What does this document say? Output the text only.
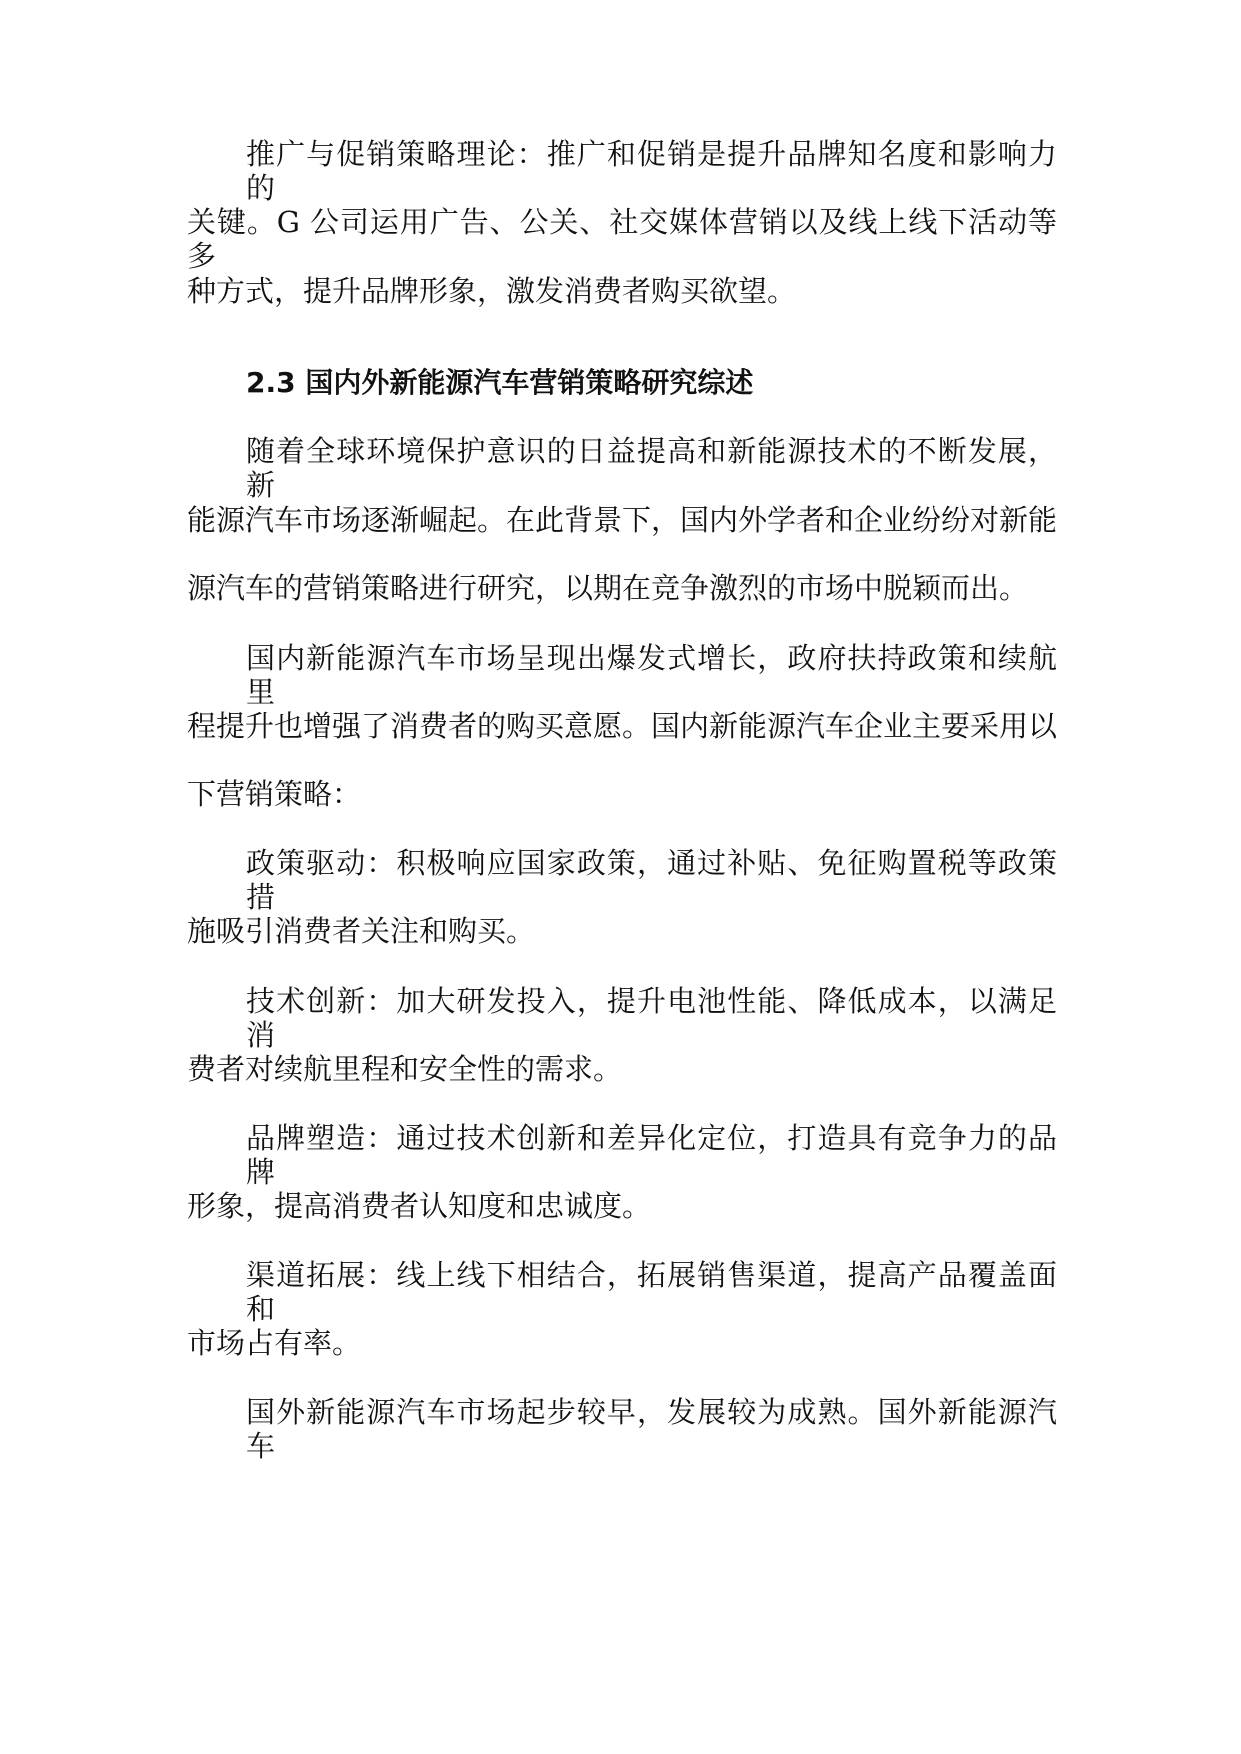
推广与促销策略理论：推广和促销是提升品牌知名度和影响力的
关键。G 公司运用广告、公关、社交媒体营销以及线上线下活动等多
种方式，提升品牌形象，激发消费者购买欲望。
2.3 国内外新能源汽车营销策略研究综述
随着全球环境保护意识的日益提高和新能源技术的不断发展，新
能源汽车市场逐渐崛起。在此背景下，国内外学者和企业纷纷对新能
源汽车的营销策略进行研究，以期在竞争激烈的市场中脱颖而出。
国内新能源汽车市场呈现出爆发式增长，政府扶持政策和续航里
程提升也增强了消费者的购买意愿。国内新能源汽车企业主要采用以
下营销策略：
政策驱动：积极响应国家政策，通过补贴、免征购置税等政策措
施吸引消费者关注和购买。
技术创新：加大研发投入，提升电池性能、降低成本，以满足消
费者对续航里程和安全性的需求。
品牌塑造：通过技术创新和差异化定位，打造具有竞争力的品牌
形象，提高消费者认知度和忠诚度。
渠道拓展：线上线下相结合，拓展销售渠道，提高产品覆盖面和
市场占有率。
国外新能源汽车市场起步较早，发展较为成熟。国外新能源汽车
